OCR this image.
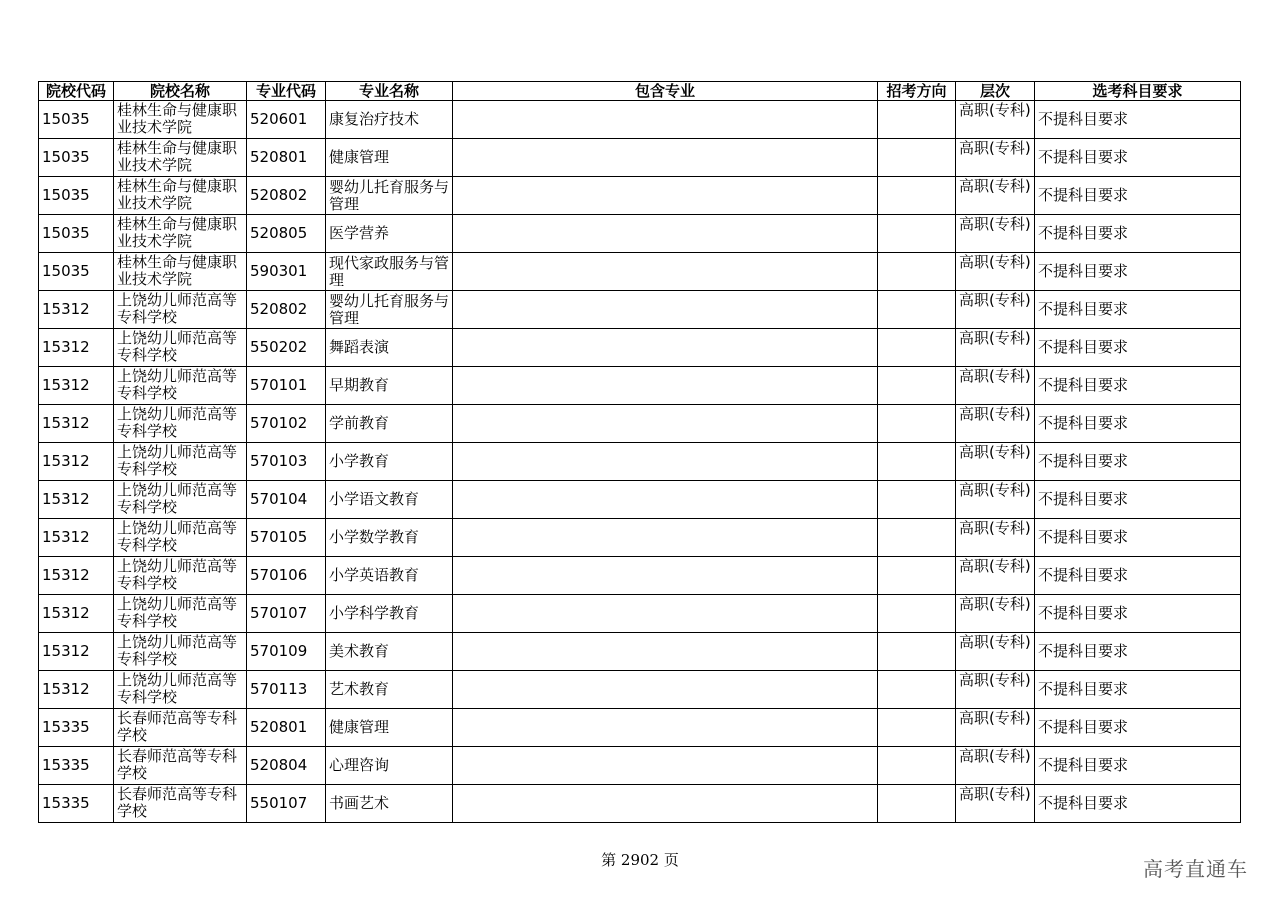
院校代码	院校名称	专业代码	专业名称	包含专业	招考方向	层次	选考科目要求
15035	桂林生命与健康职业技术学院	520601	康复治疗技术			高职(专科)	不提科目要求
15035	桂林生命与健康职业技术学院	520801	健康管理			高职(专科)	不提科目要求
15035	桂林生命与健康职业技术学院	520802	婴幼儿托育服务与管理			高职(专科)	不提科目要求
15035	桂林生命与健康职业技术学院	520805	医学营养			高职(专科)	不提科目要求
15035	桂林生命与健康职业技术学院	590301	现代家政服务与管理			高职(专科)	不提科目要求
15312	上饶幼儿师范高等专科学校	520802	婴幼儿托育服务与管理			高职(专科)	不提科目要求
15312	上饶幼儿师范高等专科学校	550202	舞蹈表演			高职(专科)	不提科目要求
15312	上饶幼儿师范高等专科学校	570101	早期教育			高职(专科)	不提科目要求
15312	上饶幼儿师范高等专科学校	570102	学前教育			高职(专科)	不提科目要求
15312	上饶幼儿师范高等专科学校	570103	小学教育			高职(专科)	不提科目要求
15312	上饶幼儿师范高等专科学校	570104	小学语文教育			高职(专科)	不提科目要求
15312	上饶幼儿师范高等专科学校	570105	小学数学教育			高职(专科)	不提科目要求
15312	上饶幼儿师范高等专科学校	570106	小学英语教育			高职(专科)	不提科目要求
15312	上饶幼儿师范高等专科学校	570107	小学科学教育			高职(专科)	不提科目要求
15312	上饶幼儿师范高等专科学校	570109	美术教育			高职(专科)	不提科目要求
15312	上饶幼儿师范高等专科学校	570113	艺术教育			高职(专科)	不提科目要求
15335	长春师范高等专科学校	520801	健康管理			高职(专科)	不提科目要求
15335	长春师范高等专科学校	520804	心理咨询			高职(专科)	不提科目要求
15335	长春师范高等专科学校	550107	书画艺术			高职(专科)	不提科目要求
第 2902 页	高考直通车
